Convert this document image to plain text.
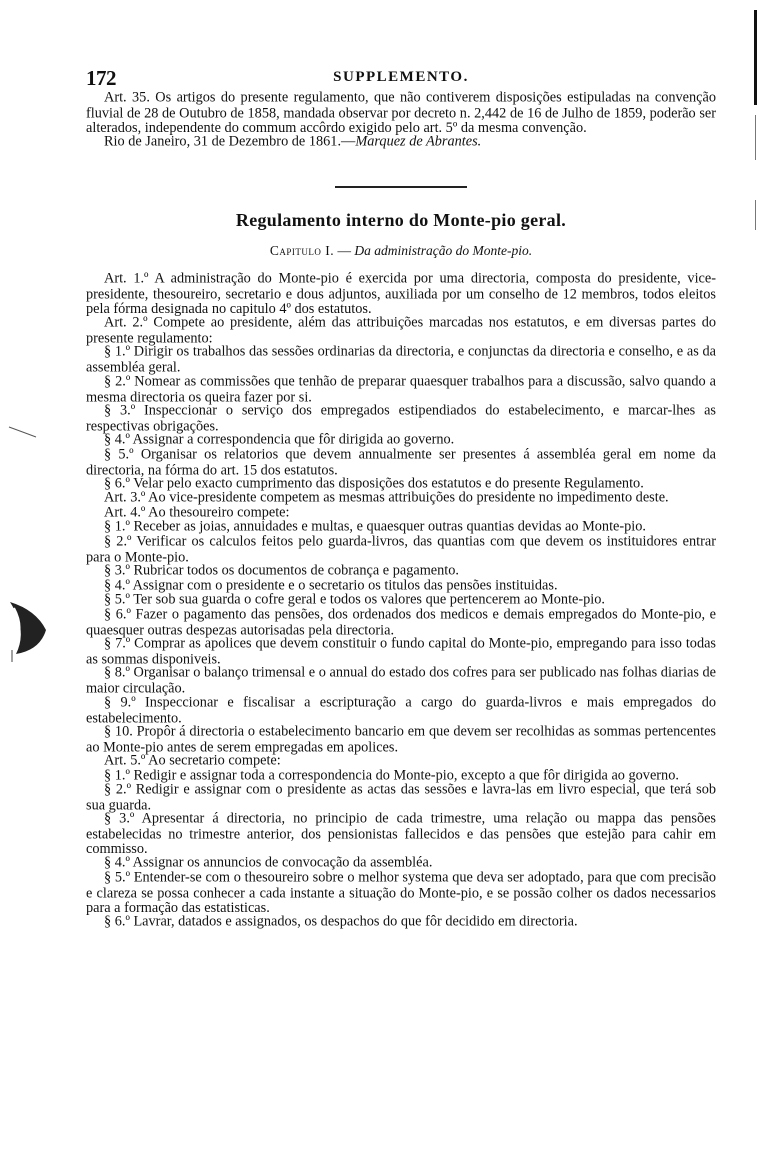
172	SUPPLEMENTO.

Art. 35. Os artigos do presente regulamento, que não contiverem disposições estipuladas na convenção fluvial de 28 de Outubro de 1858, mandada observar por decreto n. 2,442 de 16 de Julho de 1859, poderão ser alterados, independente do commum accôrdo exigido pelo art. 5º da mesma convenção.

Rio de Janeiro, 31 de Dezembro de 1861.—Marquez de Abrantes.

Regulamento interno do Monte-pio geral.
Capitulo I. — Da administração do Monte-pio.

Art. 1.º A administração do Monte-pio é exercida por uma directoria, composta do presidente, vice-presidente, thesoureiro, secretario e dous adjuntos, auxiliada por um conselho de 12 membros, todos eleitos pela fórma designada no capitulo 4º dos estatutos.

Art. 2.º Compete ao presidente, além das attribuições marcadas nos estatutos, e em diversas partes do presente regulamento:

§ 1.º Dirigir os trabalhos das sessões ordinarias da directoria, e conjunctas da directoria e conselho, e as da assembléa geral.

§ 2.º Nomear as commissões que tenhão de preparar quaesquer trabalhos para a discussão, salvo quando a mesma directoria os queira fazer por si.

§ 3.º Inspeccionar o serviço dos empregados estipendiados do estabelecimento, e marcar-lhes as respectivas obrigações.

§ 4.º Assignar a correspondencia que fôr dirigida ao governo.

§ 5.º Organisar os relatorios que devem annualmente ser presentes á assembléa geral em nome da directoria, na fórma do art. 15 dos estatutos.

§ 6.º Velar pelo exacto cumprimento das disposições dos estatutos e do presente Regulamento.

Art. 3.º Ao vice-presidente competem as mesmas attribuições do presidente no impedimento deste.

Art. 4.º Ao thesoureiro compete:

§ 1.º Receber as joias, annuidades e multas, e quaesquer outras quantias devidas ao Monte-pio.

§ 2.º Verificar os calculos feitos pelo guarda-livros, das quantias com que devem os instituidores entrar para o Monte-pio.

§ 3.º Rubricar todos os documentos de cobrança e pagamento.

§ 4.º Assignar com o presidente e o secretario os titulos das pensões instituidas.

§ 5.º Ter sob sua guarda o cofre geral e todos os valores que pertencerem ao Monte-pio.

§ 6.º Fazer o pagamento das pensões, dos ordenados dos medicos e demais empregados do Monte-pio, e quaesquer outras despezas autorisadas pela directoria.

§ 7.º Comprar as apolices que devem constituir o fundo capital do Monte-pio, empregando para isso todas as sommas disponiveis.

§ 8.º Organisar o balanço trimensal e o annual do estado dos cofres para ser publicado nas folhas diarias de maior circulação.

§ 9.º Inspeccionar e fiscalisar a escripturação a cargo do guarda-livros e mais empregados do estabelecimento.

§ 10. Propôr á directoria o estabelecimento bancario em que devem ser recolhidas as sommas pertencentes ao Monte-pio antes de serem empregadas em apolices.

Art. 5.º Ao secretario compete:

§ 1.º Redigir e assignar toda a correspondencia do Monte-pio, excepto a que fôr dirigida ao governo.

§ 2.º Redigir e assignar com o presidente as actas das sessões e lavra-las em livro especial, que terá sob sua guarda.

§ 3.º Apresentar á directoria, no principio de cada trimestre, uma relação ou mappa das pensões estabelecidas no trimestre anterior, dos pensionistas fallecidos e das pensões que estejão para cahir em commisso.

§ 4.º Assignar os annuncios de convocação da assembléa.

§ 5.º Entender-se com o thesoureiro sobre o melhor systema que deva ser adoptado, para que com precisão e clareza se possa conhecer a cada instante a situação do Monte-pio, e se possão colher os dados necessarios para a formação das estatisticas.

§ 6.º Lavrar, datados e assignados, os despachos do que fôr decidido em directoria.
